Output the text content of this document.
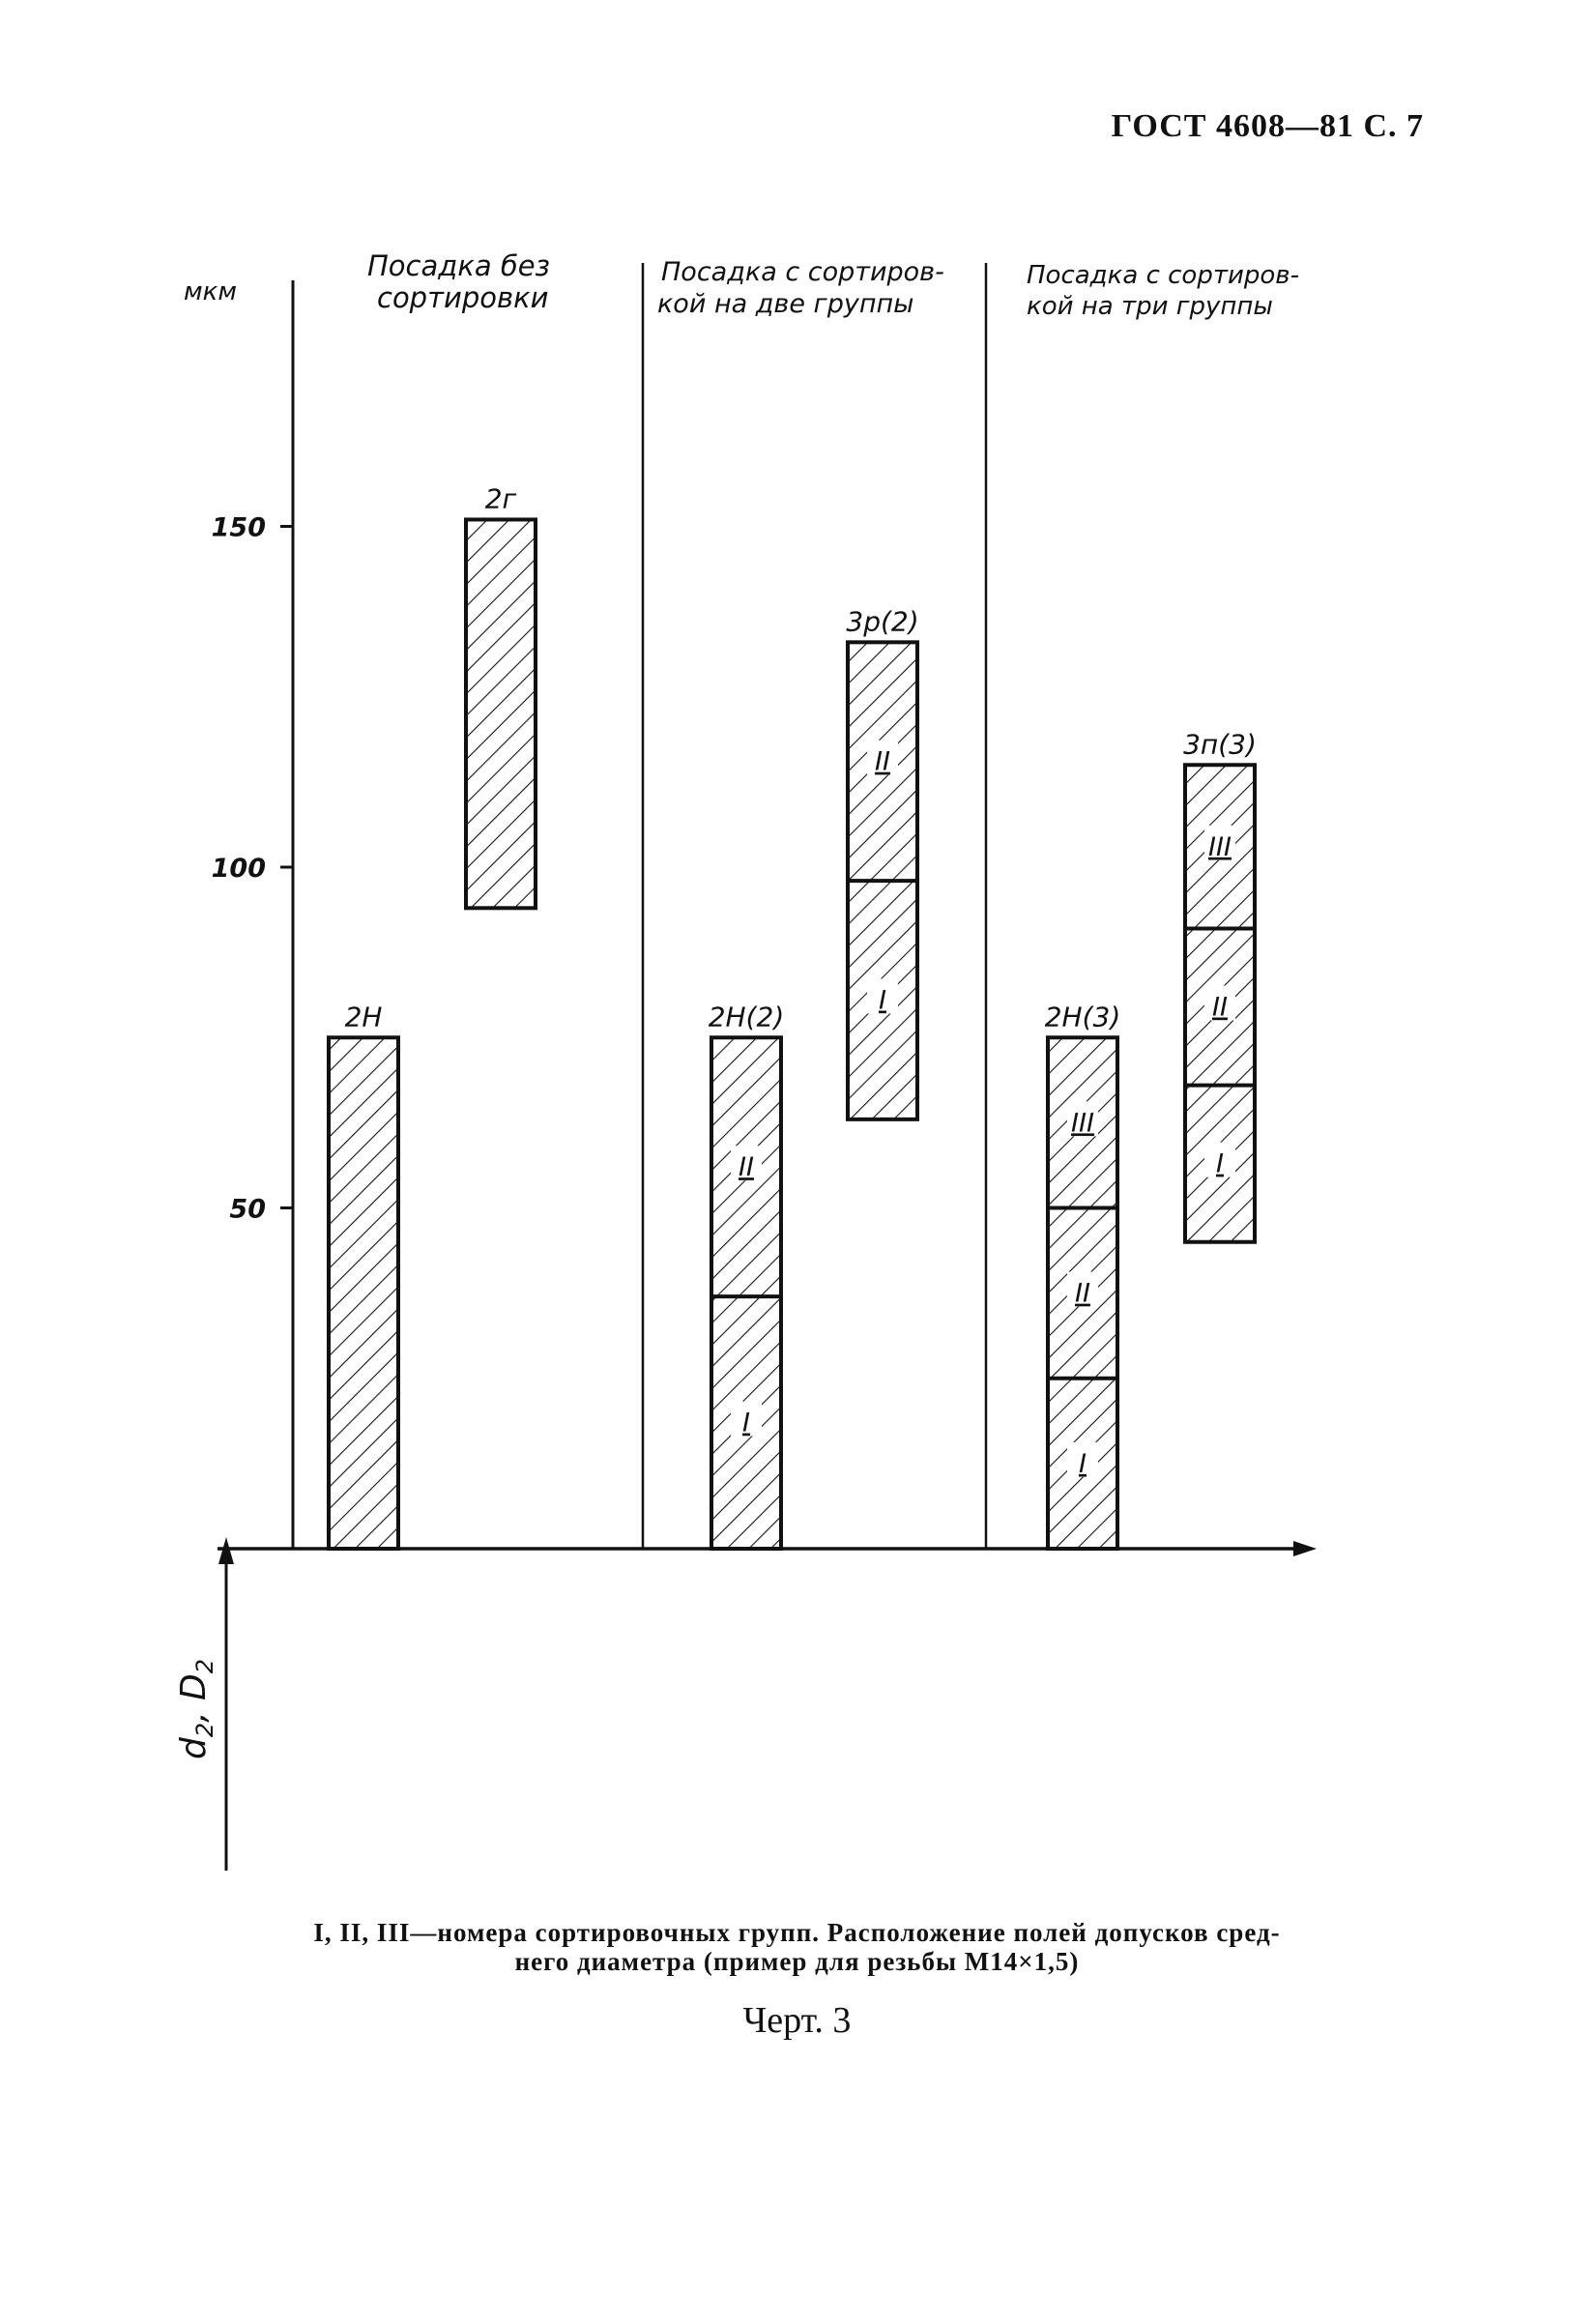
ГОСТ 4608—81 С. 7
мкм
150
100
50
$d_2$, $D_2$
Посадка без
сортировки
Посадка с сортиров-
кой на две группы
Посадка с сортиров-
кой на три группы
2H
2г
2H(2)
I
II
3р(2)
I
II
2H(3)
I
II
III
3п(3)
I
II
III
I, II, III—номера сортировочных групп. Расположение полей допусков сред-
него диаметра (пример для резьбы М14×1,5)
Черт. 3
